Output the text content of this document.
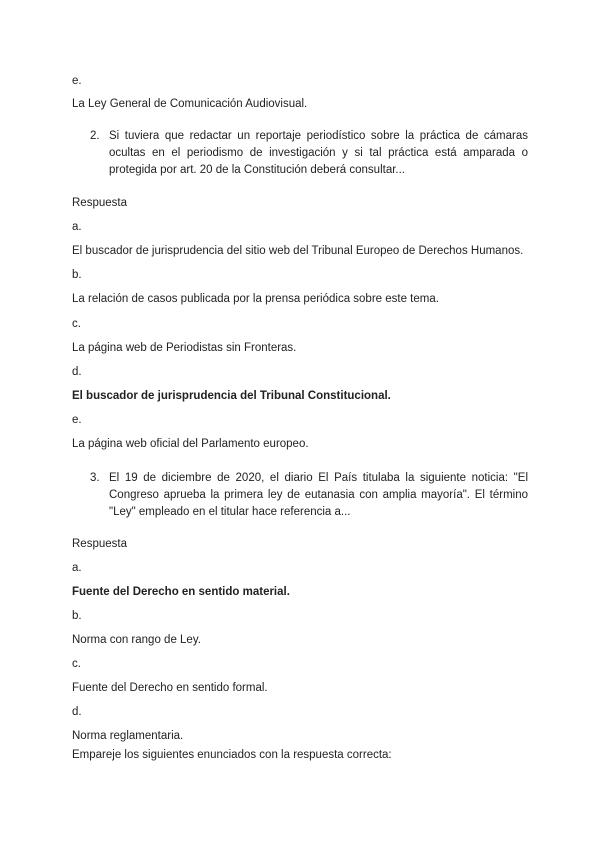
e.
La Ley General de Comunicación Audiovisual.
2. Si tuviera que redactar un reportaje periodístico sobre la práctica de cámaras ocultas en el periodismo de investigación y si tal práctica está amparada o protegida por art. 20 de la Constitución deberá consultar...
Respuesta
a.
El buscador de jurisprudencia del sitio web del Tribunal Europeo de Derechos Humanos.
b.
La relación de casos publicada por la prensa periódica sobre este tema.
c.
La página web de Periodistas sin Fronteras.
d.
El buscador de jurisprudencia del Tribunal Constitucional.
e.
La página web oficial del Parlamento europeo.
3. El 19 de diciembre de 2020, el diario El País titulaba la siguiente noticia: "El Congreso aprueba la primera ley de eutanasia con amplia mayoría". El término "Ley" empleado en el titular hace referencia a...
Respuesta
a.
Fuente del Derecho en sentido material.
b.
Norma con rango de Ley.
c.
Fuente del Derecho en sentido formal.
d.
Norma reglamentaria.
Empareje los siguientes enunciados con la respuesta correcta:
